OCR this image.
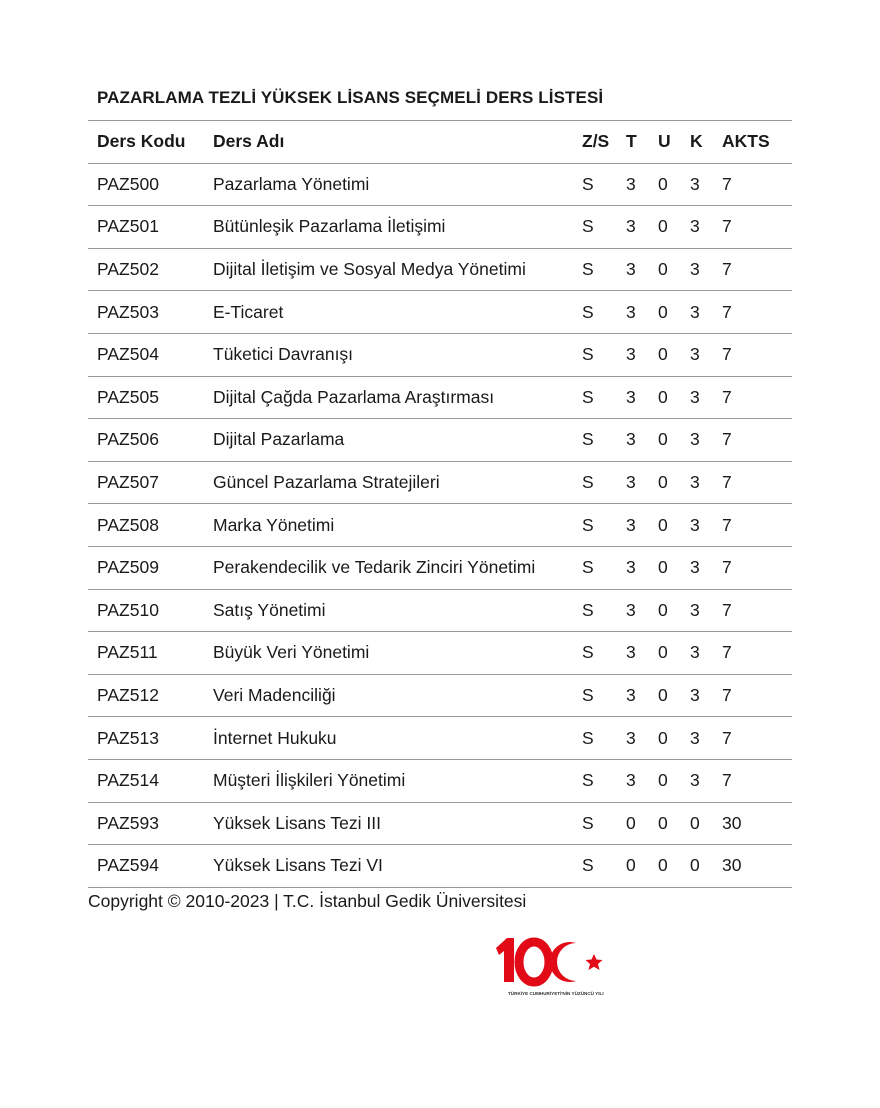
PAZARLAMA TEZLİ YÜKSEK LİSANS SEÇMELİ DERS LİSTESİ
Ders Kodu	Ders Adı	Z/S	T	U	K	AKTS
PAZ500	Pazarlama Yönetimi	S	3	0	3	7
PAZ501	Bütünleşik Pazarlama İletişimi	S	3	0	3	7
PAZ502	Dijital İletişim ve Sosyal Medya Yönetimi	S	3	0	3	7
PAZ503	E-Ticaret	S	3	0	3	7
PAZ504	Tüketici Davranışı	S	3	0	3	7
PAZ505	Dijital Çağda Pazarlama Araştırması	S	3	0	3	7
PAZ506	Dijital Pazarlama	S	3	0	3	7
PAZ507	Güncel Pazarlama Stratejileri	S	3	0	3	7
PAZ508	Marka Yönetimi	S	3	0	3	7
PAZ509	Perakendecilik ve Tedarik Zinciri Yönetimi	S	3	0	3	7
PAZ510	Satış Yönetimi	S	3	0	3	7
PAZ511	Büyük Veri Yönetimi	S	3	0	3	7
PAZ512	Veri Madenciliği	S	3	0	3	7
PAZ513	İnternet Hukuku	S	3	0	3	7
PAZ514	Müşteri İlişkileri Yönetimi	S	3	0	3	7
PAZ593	Yüksek Lisans Tezi III	S	0	0	0	30
PAZ594	Yüksek Lisans Tezi VI	S	0	0	0	30
Copyright © 2010-2023 | T.C. İstanbul Gedik Üniversitesi
TÜRKİYE CUMHURİYETİ'NİN YÜZÜNCÜ YILI
